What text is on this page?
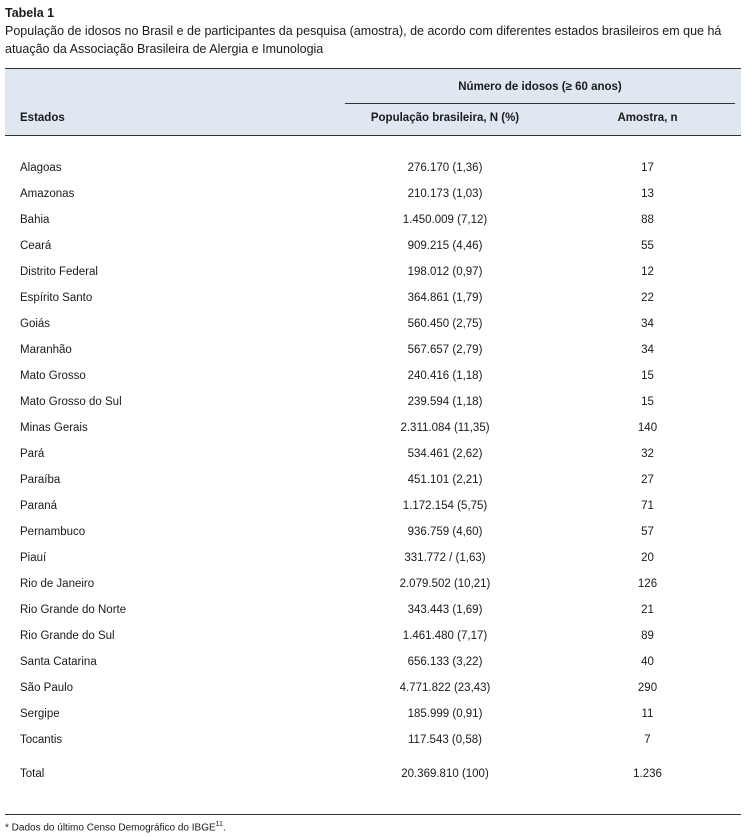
Tabela 1
População de idosos no Brasil e de participantes da pesquisa (amostra), de acordo com diferentes estados brasileiros em que há atuação da Associação Brasileira de Alergia e Imunologia
Número de idosos (≥ 60 anos)
Estados	População brasileira, N (%)	Amostra, n
Alagoas	276.170 (1,36)	17
Amazonas	210.173 (1,03)	13
Bahia	1.450.009 (7,12)	88
Ceará	909.215 (4,46)	55
Distrito Federal	198.012 (0,97)	12
Espírito Santo	364.861 (1,79)	22
Goiás	560.450 (2,75)	34
Maranhão	567.657 (2,79)	34
Mato Grosso	240.416 (1,18)	15
Mato Grosso do Sul	239.594 (1,18)	15
Minas Gerais	2.311.084 (11,35)	140
Pará	534.461 (2,62)	32
Paraíba	451.101 (2,21)	27
Paraná	1.172.154 (5,75)	71
Pernambuco	936.759 (4,60)	57
Piauí	331.772 / (1,63)	20
Rio de Janeiro	2.079.502 (10,21)	126
Rio Grande do Norte	343.443 (1,69)	21
Rio Grande do Sul	1.461.480 (7,17)	89
Santa Catarina	656.133 (3,22)	40
São Paulo	4.771.822 (23,43)	290
Sergipe	185.999 (0,91)	11
Tocantis	117.543 (0,58)	7
Total	20.369.810 (100)	1.236
* Dados do último Censo Demográfico do IBGE$^{11}$.
